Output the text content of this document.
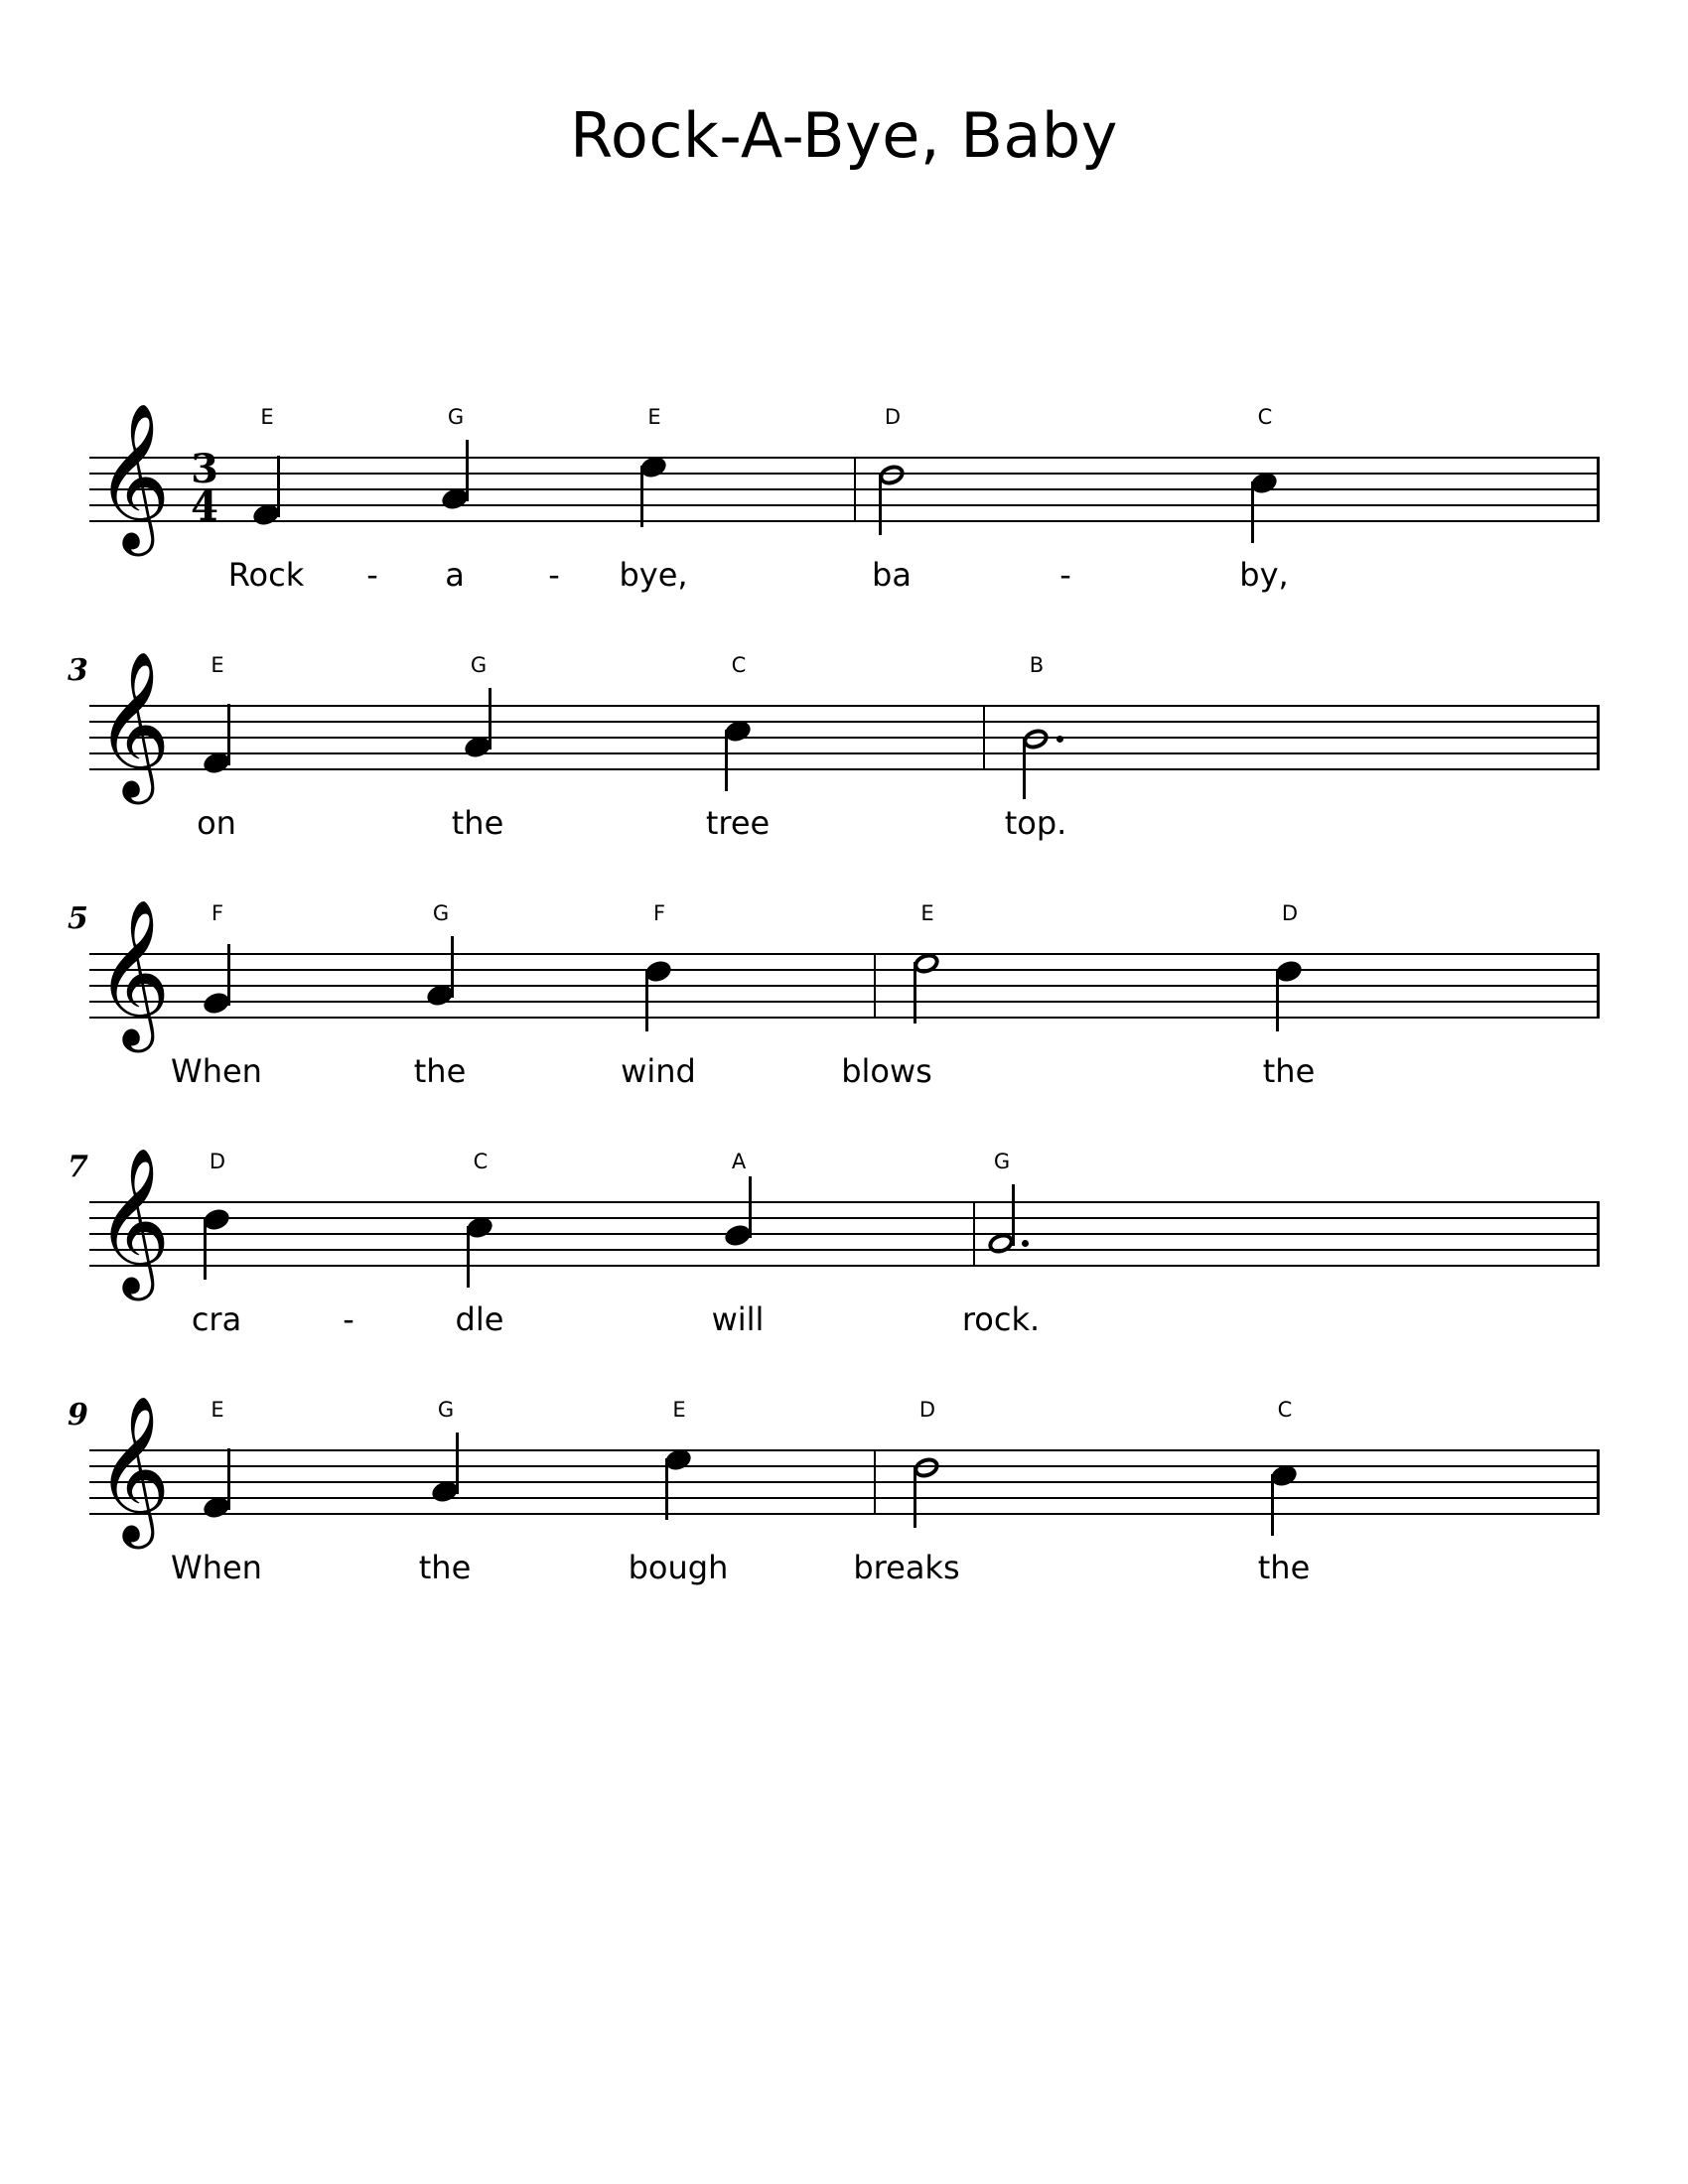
Rock-A-Bye, Baby
𝄞 3
4
E	G	E	D	C
Rock	-	a	-	bye,	ba	-	by,
3 𝄞	E	G	C	B
on	the	tree	top.
5 𝄞	F	G	F	E	D
When	the	wind	blows	the
7 𝄞	D	C	A	G
cra	-	dle	will	rock.
9 𝄞	E	G	E	D	C
When	the	bough	breaks	the
